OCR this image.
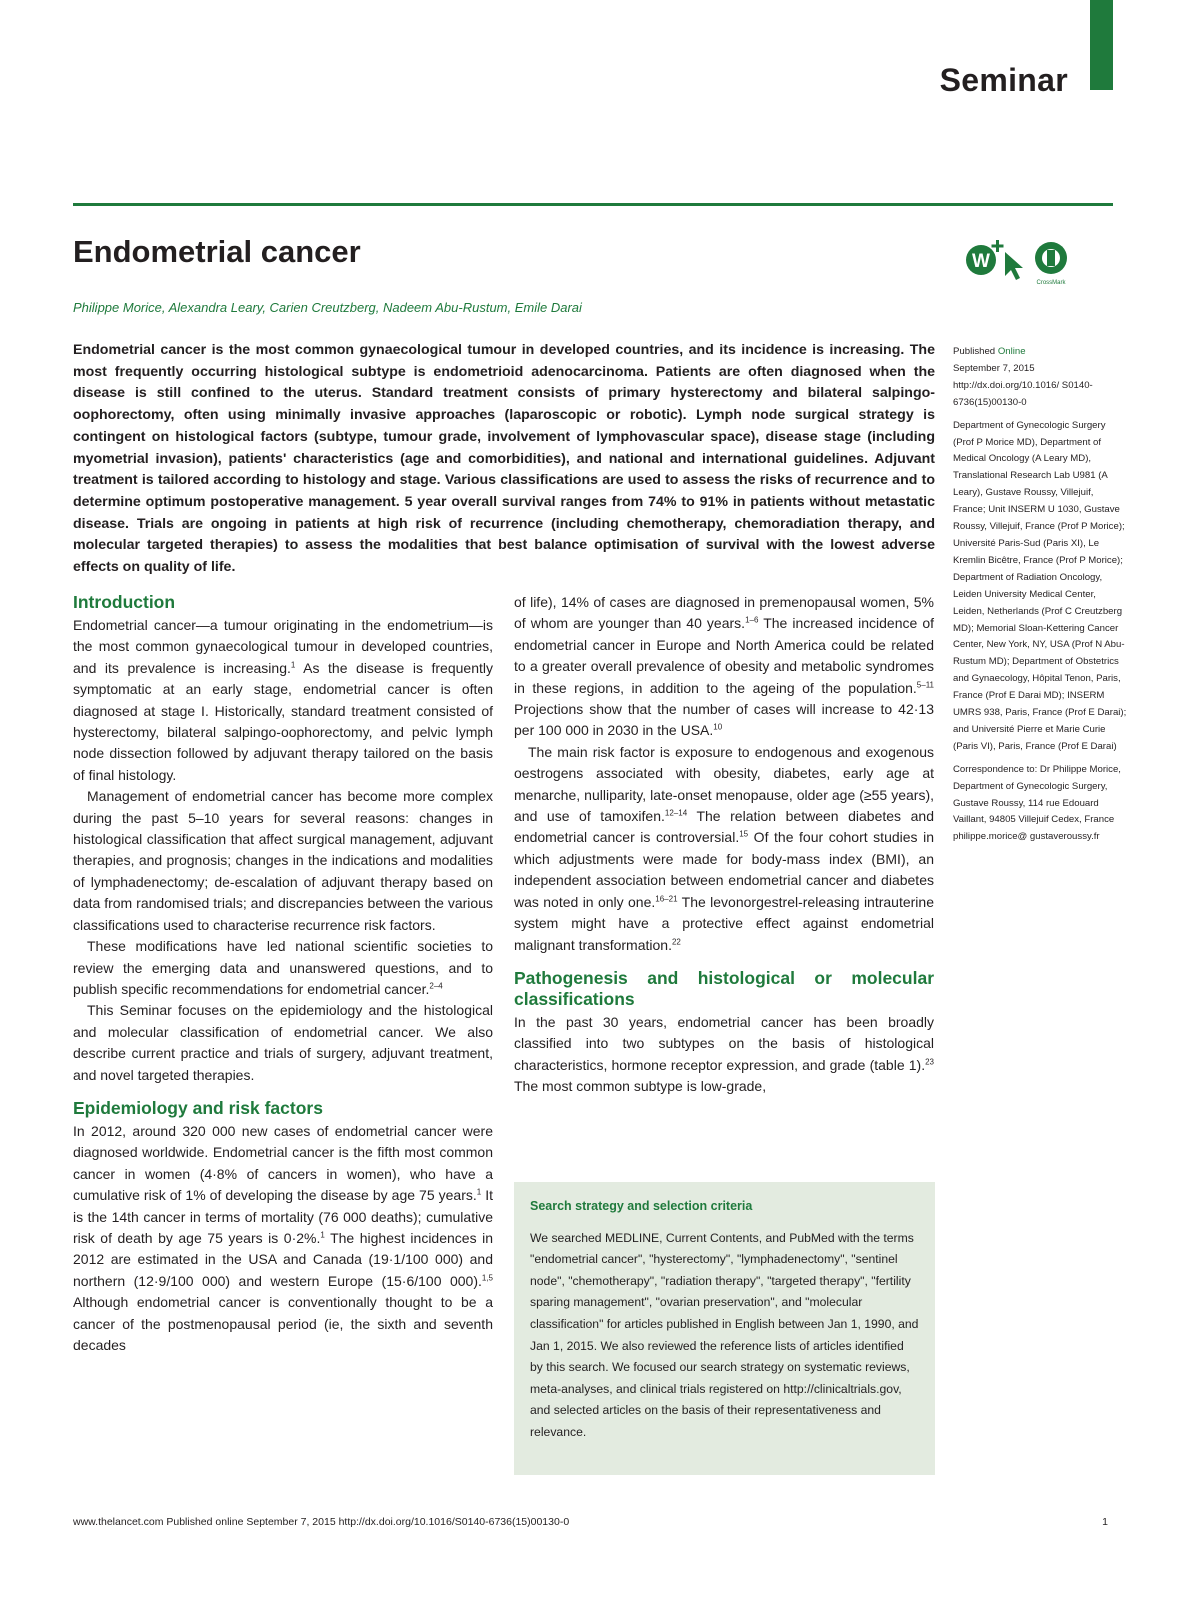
Seminar
Endometrial cancer	W
CrossMark
Philippe Morice, Alexandra Leary, Carien Creutzberg, Nadeem Abu-Rustum, Emile Darai

Endometrial cancer is the most common gynaecological tumour in developed countries, and its incidence is increasing. The most frequently occurring histological subtype is endometrioid adenocarcinoma. Patients are often diagnosed when the disease is still confined to the uterus. Standard treatment consists of primary hysterectomy and bilateral salpingo-oophorectomy, often using minimally invasive approaches (laparoscopic or robotic). Lymph node surgical strategy is contingent on histological factors (subtype, tumour grade, involvement of lymphovascular space), disease stage (including myometrial invasion), patients' characteristics (age and comorbidities), and national and international guidelines. Adjuvant treatment is tailored according to histology and stage. Various classifications are used to assess the risks of recurrence and to determine optimum postoperative management. 5 year overall survival ranges from 74% to 91% in patients without metastatic disease. Trials are ongoing in patients at high risk of recurrence (including chemotherapy, chemoradiation therapy, and molecular targeted therapies) to assess the modalities that best balance optimisation of survival with the lowest adverse effects on quality of life.

Published Online
September 7, 2015
http://dx.doi.org/10.1016/ S0140-6736(15)00130-0

Department of Gynecologic Surgery (Prof P Morice MD), Department of Medical Oncology (A Leary MD), Translational Research Lab U981 (A Leary), Gustave Roussy, Villejuif, France; Unit INSERM U 1030, Gustave Roussy, Villejuif, France (Prof P Morice); Université Paris-Sud (Paris XI), Le Kremlin Bicêtre, France (Prof P Morice); Department of Radiation Oncology, Leiden University Medical Center, Leiden, Netherlands (Prof C Creutzberg MD); Memorial Sloan-Kettering Cancer Center, New York, NY, USA (Prof N Abu-Rustum MD); Department of Obstetrics and Gynaecology, Hôpital Tenon, Paris, France (Prof E Darai MD); INSERM UMRS 938, Paris, France (Prof E Darai); and Université Pierre et Marie Curie (Paris VI), Paris, France (Prof E Darai)

Correspondence to: Dr Philippe Morice, Department of Gynecologic Surgery, Gustave Roussy, 114 rue Edouard Vaillant, 94805 Villejuif Cedex, France philippe.morice@ gustaveroussy.fr

Introduction

Endometrial cancer—a tumour originating in the endometrium—is the most common gynaecological tumour in developed countries, and its prevalence is increasing.$^1$ As the disease is frequently symptomatic at an early stage, endometrial cancer is often diagnosed at stage I. Historically, standard treatment consisted of hysterectomy, bilateral salpingo-oophorectomy, and pelvic lymph node dissection followed by adjuvant therapy tailored on the basis of final histology.

Management of endometrial cancer has become more complex during the past 5–10 years for several reasons: changes in histological classification that affect surgical management, adjuvant therapies, and prognosis; changes in the indications and modalities of lymphadenectomy; de-escalation of adjuvant therapy based on data from randomised trials; and discrepancies between the various classifications used to characterise recurrence risk factors.

These modifications have led national scientific societies to review the emerging data and unanswered questions, and to publish specific recommendations for endometrial cancer.$^{2-4}$

This Seminar focuses on the epidemiology and the histological and molecular classification of endometrial cancer. We also describe current practice and trials of surgery, adjuvant treatment, and novel targeted therapies.

Epidemiology and risk factors

In 2012, around 320 000 new cases of endometrial cancer were diagnosed worldwide. Endometrial cancer is the fifth most common cancer in women (4·8% of cancers in women), who have a cumulative risk of 1% of developing the disease by age 75 years.$^1$ It is the 14th cancer in terms of mortality (76 000 deaths); cumulative risk of death by age 75 years is 0·2%.$^1$ The highest incidences in 2012 are estimated in the USA and Canada (19·1/100 000) and northern (12·9/100 000) and western Europe (15·6/100 000).$^{1,5}$ Although endometrial cancer is conventionally thought to be a cancer of the postmenopausal period (ie, the sixth and seventh decades

of life), 14% of cases are diagnosed in premenopausal women, 5% of whom are younger than 40 years.$^{1-6}$ The increased incidence of endometrial cancer in Europe and North America could be related to a greater overall prevalence of obesity and metabolic syndromes in these regions, in addition to the ageing of the population.$^{5-11}$ Projections show that the number of cases will increase to 42·13 per 100 000 in 2030 in the USA.$^{10}$

The main risk factor is exposure to endogenous and exogenous oestrogens associated with obesity, diabetes, early age at menarche, nulliparity, late-onset menopause, older age (≥55 years), and use of tamoxifen.$^{12-14}$ The relation between diabetes and endometrial cancer is controversial.$^{15}$ Of the four cohort studies in which adjustments were made for body-mass index (BMI), an independent association between endometrial cancer and diabetes was noted in only one.$^{16-21}$ The levonorgestrel-releasing intrauterine system might have a protective effect against endometrial malignant transformation.$^{22}$

Pathogenesis and histological or molecular classifications

In the past 30 years, endometrial cancer has been broadly classified into two subtypes on the basis of histological characteristics, hormone receptor expression, and grade (table 1).$^{23}$ The most common subtype is low-grade,

Search strategy and selection criteria

We searched MEDLINE, Current Contents, and PubMed with the terms "endometrial cancer", "hysterectomy", "lymphadenectomy", "sentinel node", "chemotherapy", "radiation therapy", "targeted therapy", "fertility sparing management", "ovarian preservation", and "molecular classification" for articles published in English between Jan 1, 1990, and Jan 1, 2015. We also reviewed the reference lists of articles identified by this search. We focused our search strategy on systematic reviews, meta-analyses, and clinical trials registered on http://clinicaltrials.gov, and selected articles on the basis of their representativeness and relevance.

www.thelancet.com Published online September 7, 2015 http://dx.doi.org/10.1016/S0140-6736(15)00130-0	1
